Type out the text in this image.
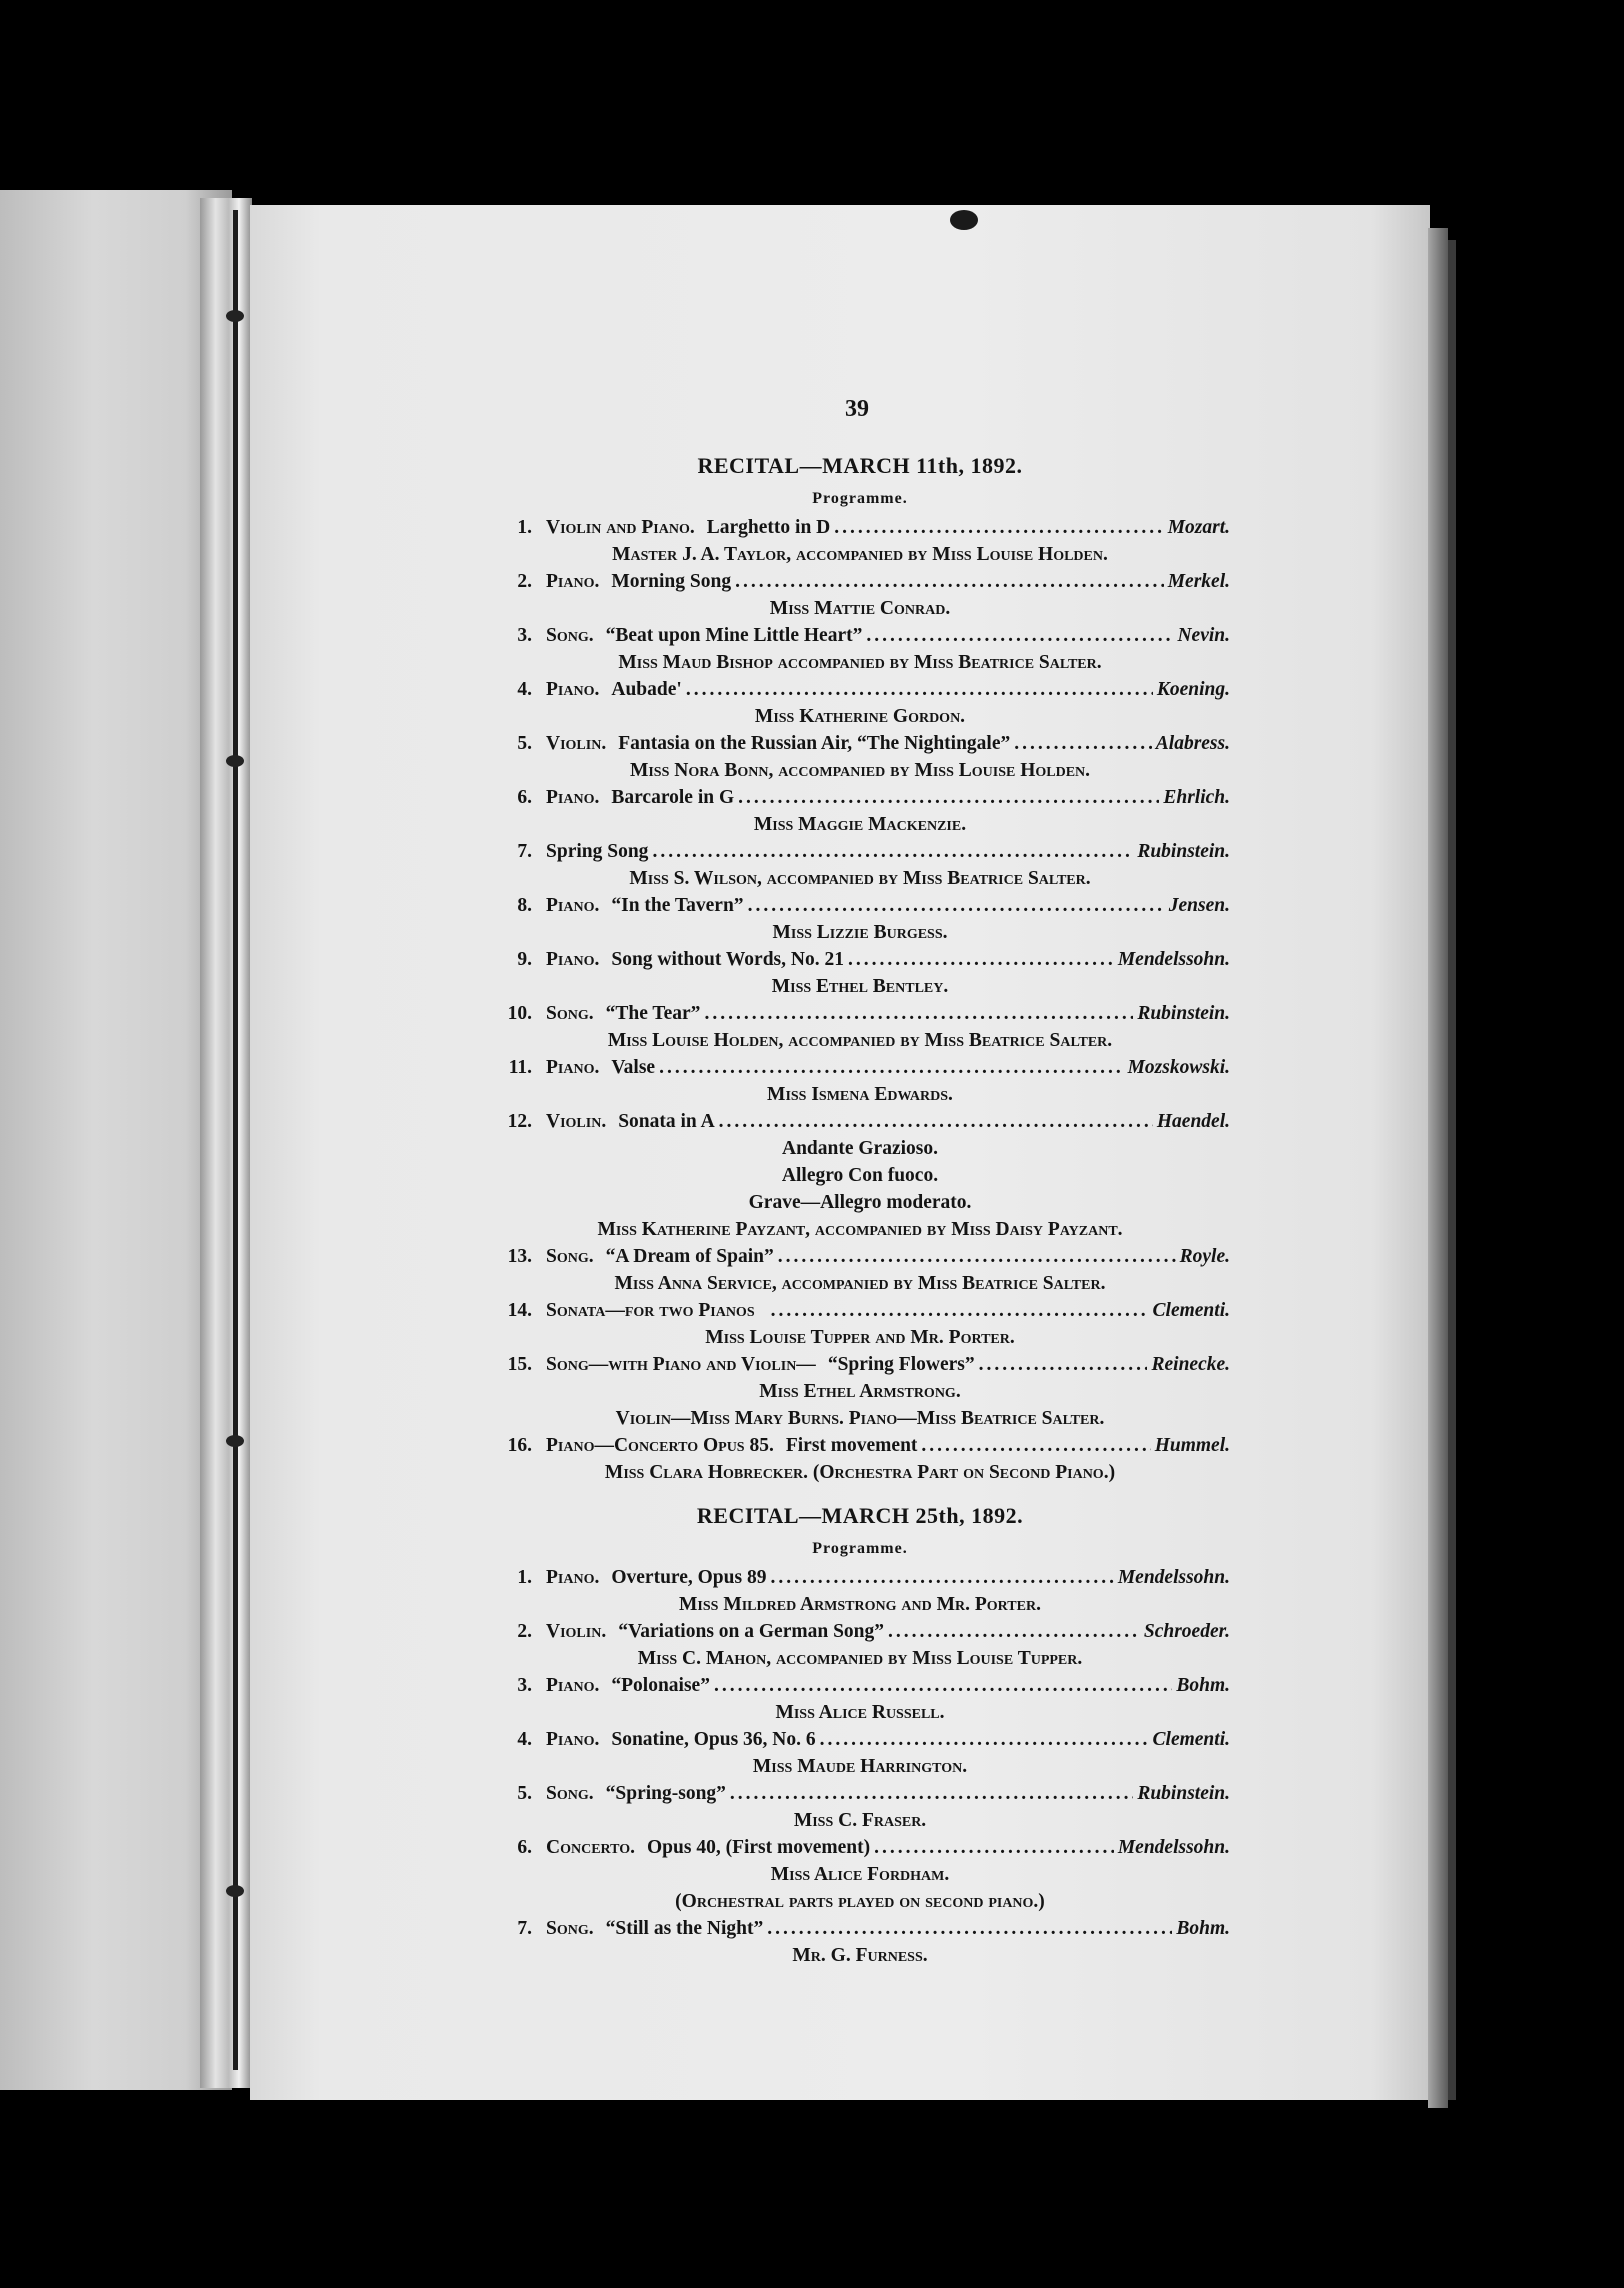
39
RECITAL—MARCH 11th, 1892.
Programme.
1. Violin and Piano. Larghetto in D .....	Mozart.
Master J. A. Taylor, accompanied by Miss Louise Holden.
2. Piano. Morning Song .....	Merkel.
Miss Mattie Conrad.
3. Song. “Beat upon Mine Little Heart” .....	Nevin.
Miss Maud Bishop accompanied by Miss Beatrice Salter.
4. Piano. Aubade' .....	Koening.
Miss Katherine Gordon.
5. Violin. Fantasia on the Russian Air, “The Nightingale” .....	Alabress.
Miss Nora Bonn, accompanied by Miss Louise Holden.
6. Piano. Barcarole in G .....	Ehrlich.
Miss Maggie Mackenzie.
7. Spring Song .....	Rubinstein.
Miss S. Wilson, accompanied by Miss Beatrice Salter.
8. Piano. “In the Tavern” .....	Jensen.
Miss Lizzie Burgess.
9. Piano. Song without Words, No. 21 .....	Mendelssohn.
Miss Ethel Bentley.
10. Song. “The Tear” .....	Rubinstein.
Miss Louise Holden, accompanied by Miss Beatrice Salter.
11. Piano. Valse .....	Mozskowski.
Miss Ismena Edwards.
12. Violin. Sonata in A .....	Haendel.
Andante Grazioso.
Allegro Con fuoco.
Grave—Allegro moderato.
Miss Katherine Payzant, accompanied by Miss Daisy Payzant.
13. Song. “A Dream of Spain” .....	Royle.
Miss Anna Service, accompanied by Miss Beatrice Salter.
14. Sonata—for two Pianos .....	Clementi.
Miss Louise Tupper and Mr. Porter.
15. Song—with Piano and Violin— “Spring Flowers” .....	Reinecke.
Miss Ethel Armstrong.
Violin—Miss Mary Burns. Piano—Miss Beatrice Salter.
16. Piano—Concerto Opus 85. First movement .....	Hummel.
Miss Clara Hobrecker. (Orchestra Part on Second Piano.)
RECITAL—MARCH 25th, 1892.
Programme.
1. Piano. Overture, Opus 89 .....	Mendelssohn.
Miss Mildred Armstrong and Mr. Porter.
2. Violin. “Variations on a German Song” .....	Schroeder.
Miss C. Mahon, accompanied by Miss Louise Tupper.
3. Piano. “Polonaise” .....	Bohm.
Miss Alice Russell.
4. Piano. Sonatine, Opus 36, No. 6 .....	Clementi.
Miss Maude Harrington.
5. Song. “Spring-song” .....	Rubinstein.
Miss C. Fraser.
6. Concerto. Opus 40, (First movement) .....	Mendelssohn.
Miss Alice Fordham.
(Orchestral parts played on second piano.)
7. Song. “Still as the Night” .....	Bohm.
Mr. G. Furness.
